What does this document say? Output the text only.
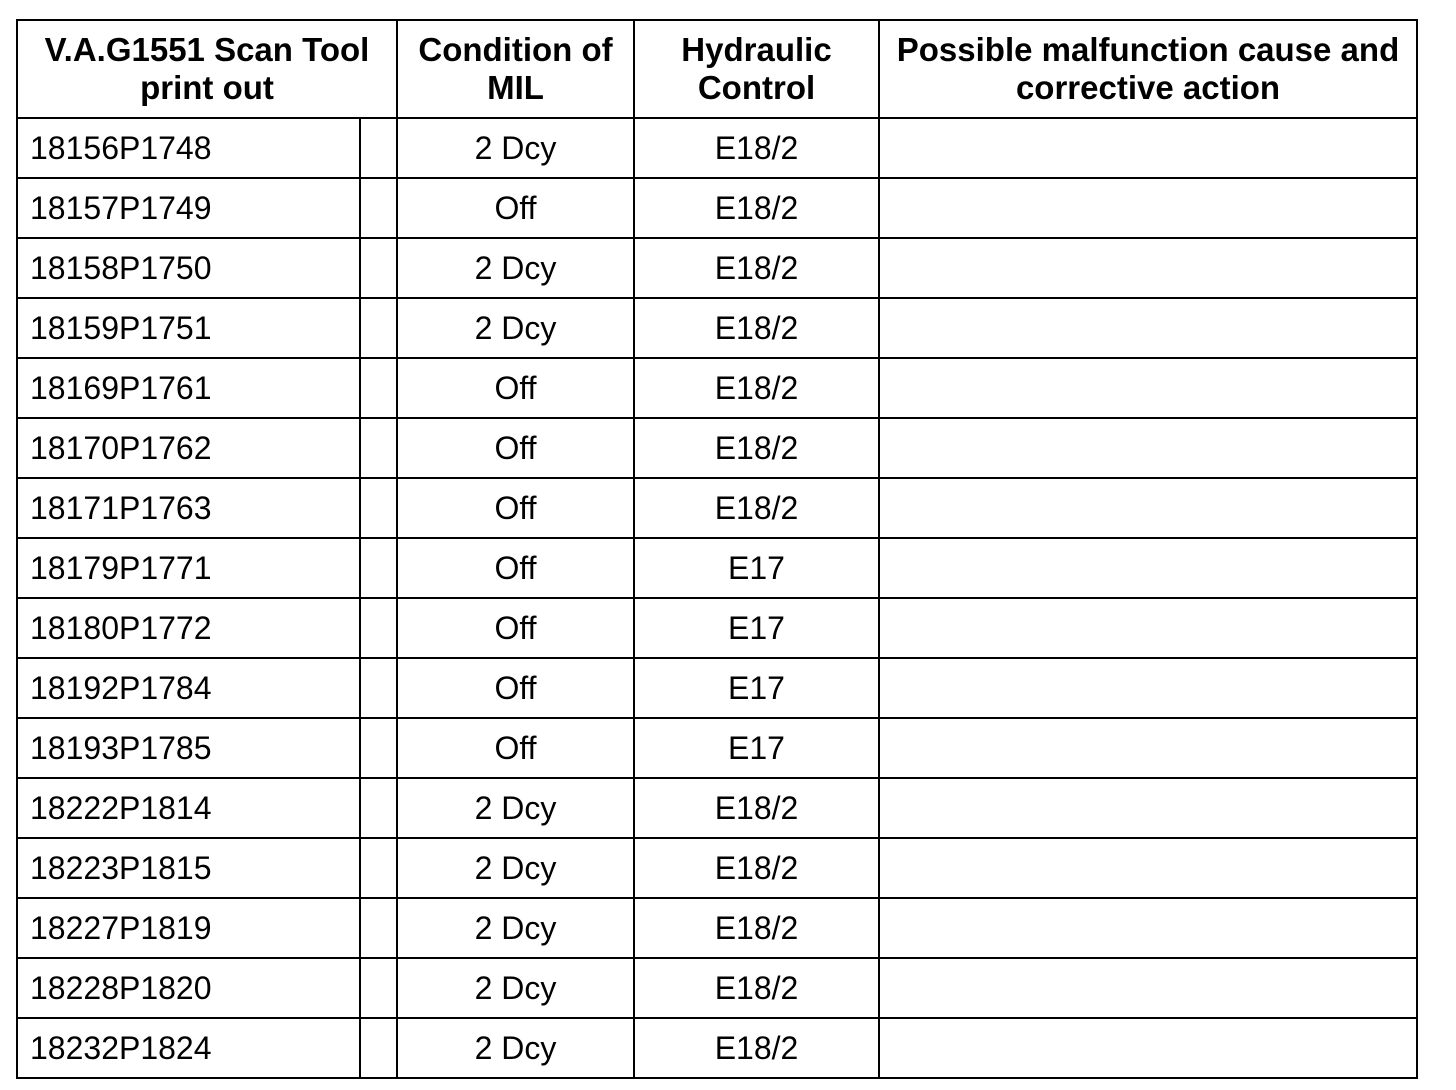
V.A.G1551 Scan Tool print out		Condition of MIL	Hydraulic Control	Possible malfunction cause and corrective action
18156P1748		2 Dcy	E18/2	
18157P1749		Off	E18/2	
18158P1750		2 Dcy	E18/2	
18159P1751		2 Dcy	E18/2	
18169P1761		Off	E18/2	
18170P1762		Off	E18/2	
18171P1763		Off	E18/2	
18179P1771		Off	E17	
18180P1772		Off	E17	
18192P1784		Off	E17	
18193P1785		Off	E17	
18222P1814		2 Dcy	E18/2	
18223P1815		2 Dcy	E18/2	
18227P1819		2 Dcy	E18/2	
18228P1820		2 Dcy	E18/2	
18232P1824		2 Dcy	E18/2	
